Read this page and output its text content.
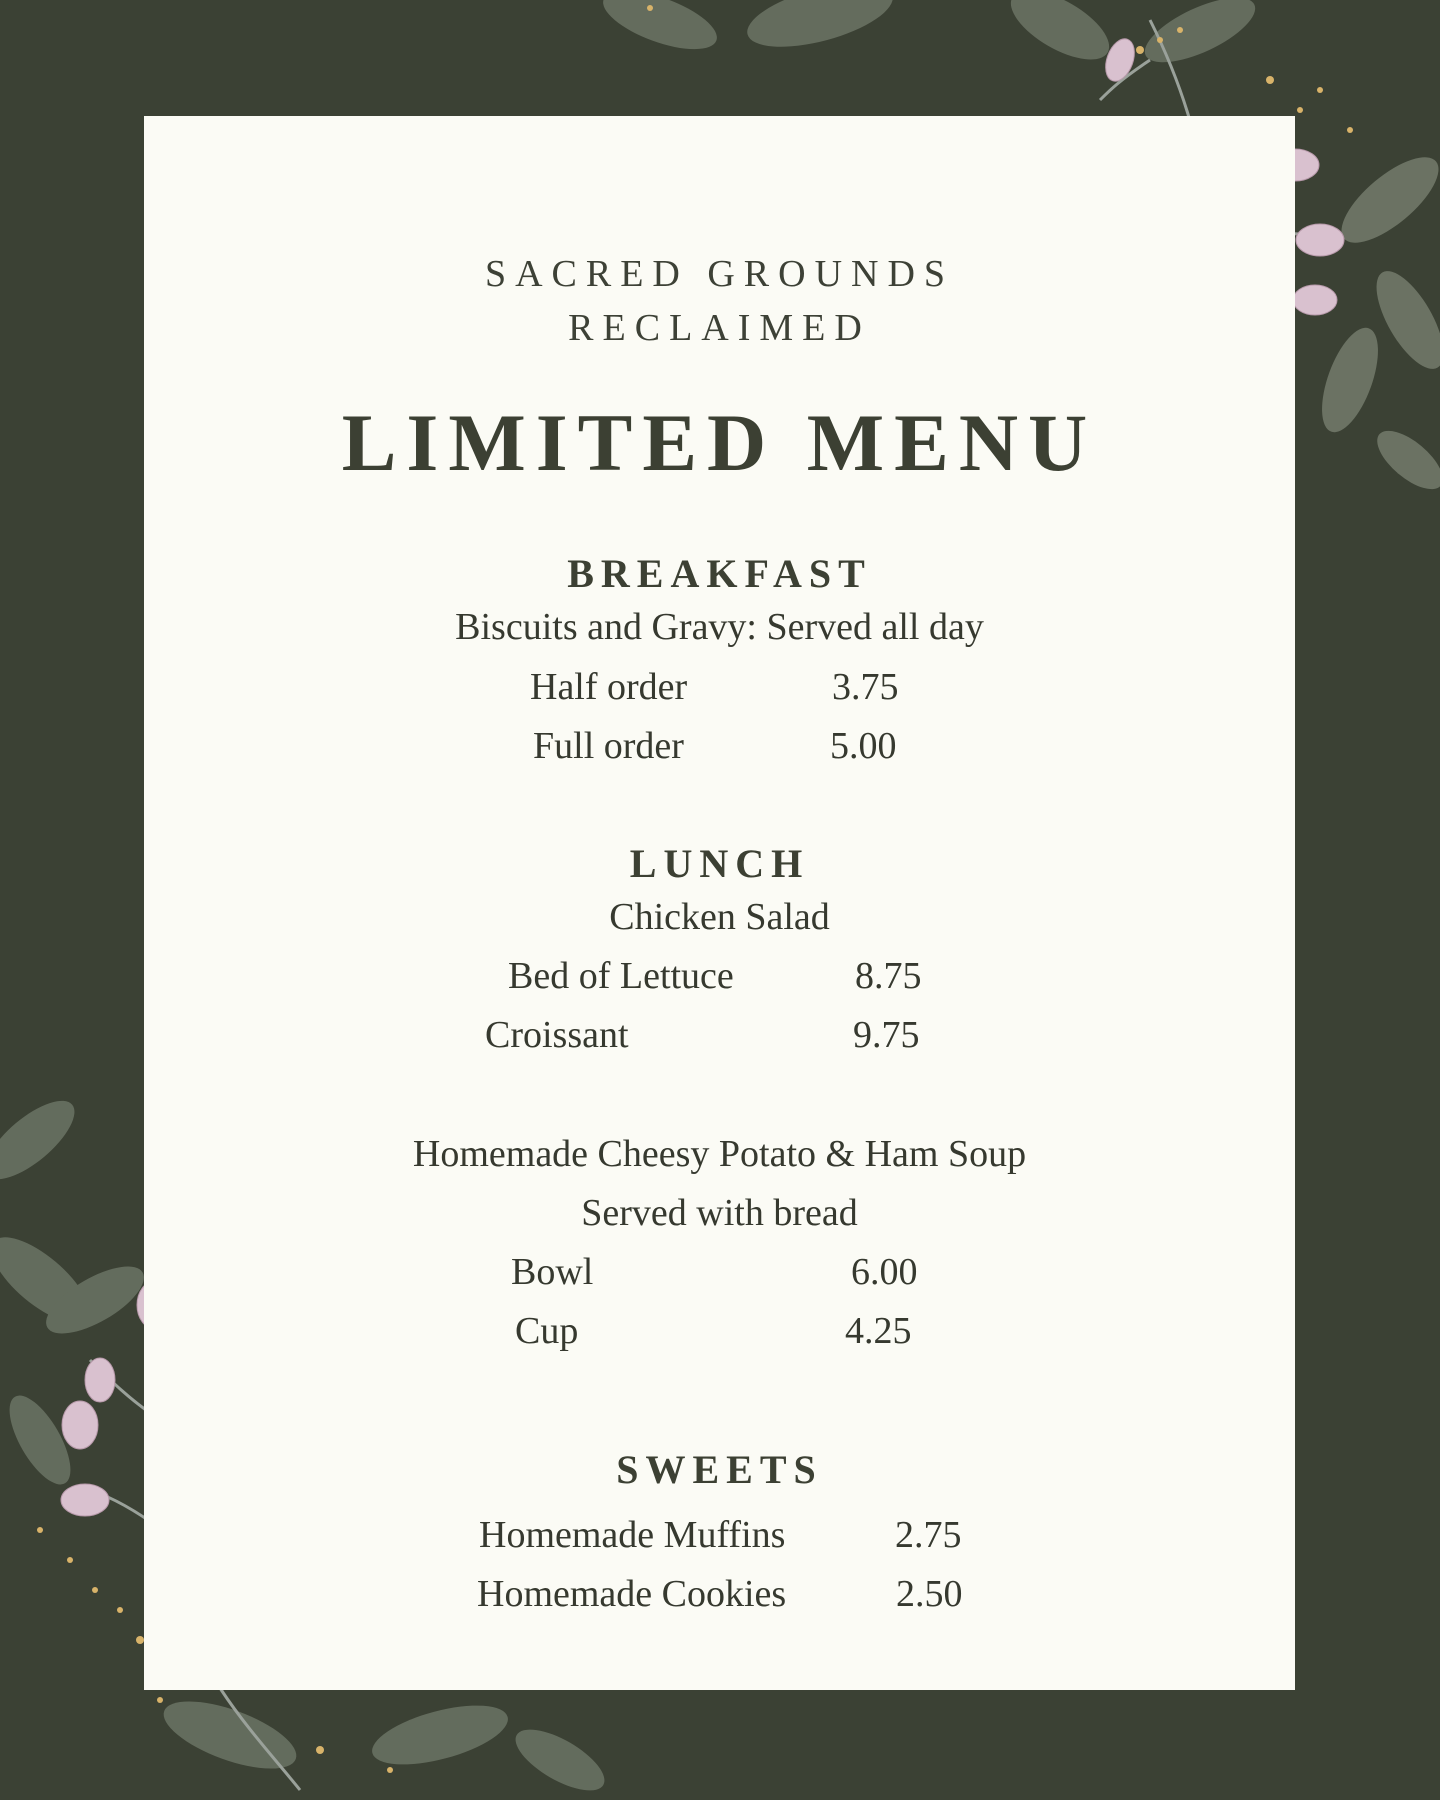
SACRED GROUNDS
RECLAIMED
LIMITED MENU
BREAKFAST
Biscuits and Gravy: Served all day
Half order	3.75
Full order	5.00
LUNCH
Chicken Salad
Bed of Lettuce	8.75
Croissant	9.75
Homemade Cheesy Potato & Ham Soup
Served with bread
Bowl	6.00
Cup	4.25
SWEETS
Homemade Muffins	2.75
Homemade Cookies	2.50
